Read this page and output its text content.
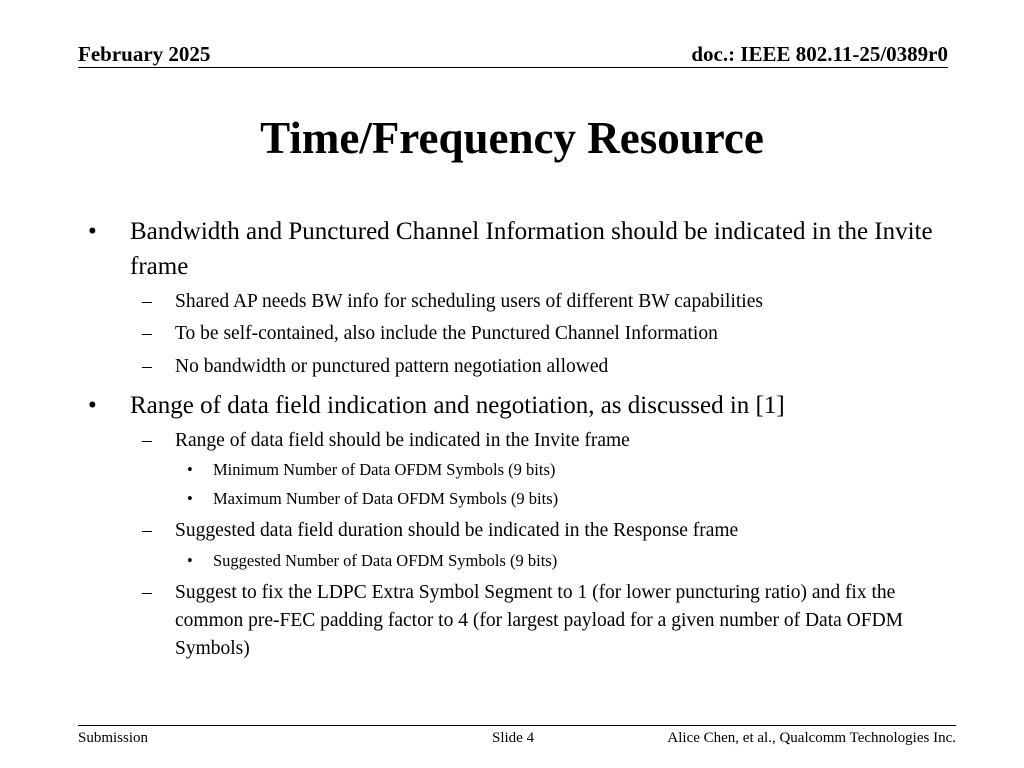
February 2025	doc.: IEEE 802.11-25/0389r0
Time/Frequency Resource
• Bandwidth and Punctured Channel Information should be indicated in the Invite frame
– Shared AP needs BW info for scheduling users of different BW capabilities
– To be self-contained, also include the Punctured Channel Information
– No bandwidth or punctured pattern negotiation allowed
• Range of data field indication and negotiation, as discussed in [1]
– Range of data field should be indicated in the Invite frame
• Minimum Number of Data OFDM Symbols (9 bits)
• Maximum Number of Data OFDM Symbols (9 bits)
– Suggested data field duration should be indicated in the Response frame
• Suggested Number of Data OFDM Symbols (9 bits)
– Suggest to fix the LDPC Extra Symbol Segment to 1 (for lower puncturing ratio) and fix the common pre-FEC padding factor to 4 (for largest payload for a given number of Data OFDM Symbols)
Submission	Slide 4	Alice Chen, et al., Qualcomm Technologies Inc.
